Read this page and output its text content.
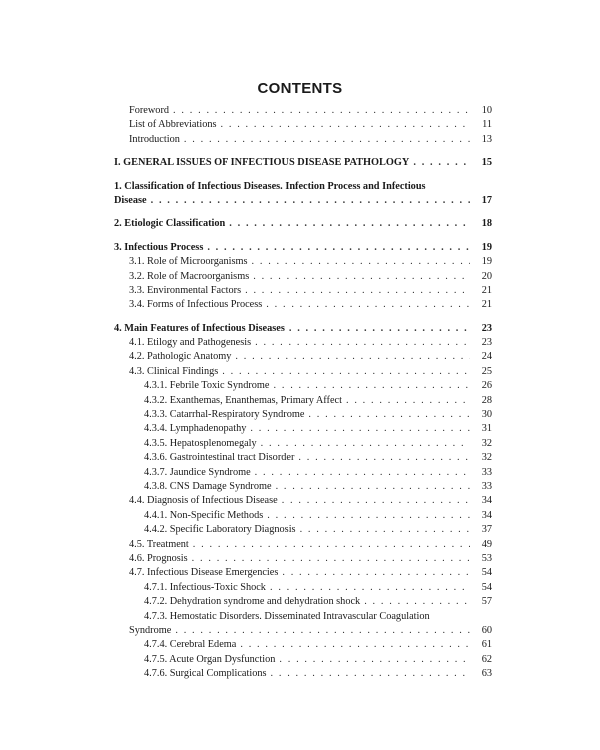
CONTENTS
Foreword . . .	10
List of Abbreviations . . .	11
Introduction . . .	13
I. GENERAL ISSUES OF INFECTIOUS DISEASE PATHOLOGY . . .	15
1. Classification of Infectious Diseases. Infection Process and Infectious
Disease . . .	17
2. Etiologic Classification . . .	18
3. Infectious Process . . .	19
3.1. Role of Microorganisms . . .	19
3.2. Role of Macroorganisms . . .	20
3.3. Environmental Factors . . .	21
3.4. Forms of Infectious Process . . .	21
4. Main Features of Infectious Diseases . . .	23
4.1. Etilogy and Pathogenesis . . .	23
4.2. Pathologic Anatomy . . .	24
4.3. Clinical Findings . . .	25
4.3.1. Febrile Toxic Syndrome . . .	26
4.3.2. Exanthemas, Enanthemas, Primary Affect . . .	28
4.3.3. Catarrhal-Respiratory Syndrome . . .	30
4.3.4. Lymphadenopathy . . .	31
4.3.5. Hepatosplenomegaly . . .	32
4.3.6. Gastrointestinal tract Disorder . . .	32
4.3.7. Jaundice Syndrome . . .	33
4.3.8. CNS Damage Syndrome . . .	33
4.4. Diagnosis of Infectious Disease . . .	34
4.4.1. Non-Specific Methods . . .	34
4.4.2. Specific Laboratory Diagnosis . . .	37
4.5. Treatment . . .	49
4.6. Prognosis . . .	53
4.7. Infectious Disease Emergencies . . .	54
4.7.1. Infectious-Toxic Shock . . .	54
4.7.2. Dehydration syndrome and dehydration shock . . .	57
4.7.3. Hemostatic Disorders. Disseminated Intravascular Coagulation
Syndrome . . .	60
4.7.4. Cerebral Edema . . .	61
4.7.5. Acute Organ Dysfunction . . .	62
4.7.6. Surgical Complications . . .	63
